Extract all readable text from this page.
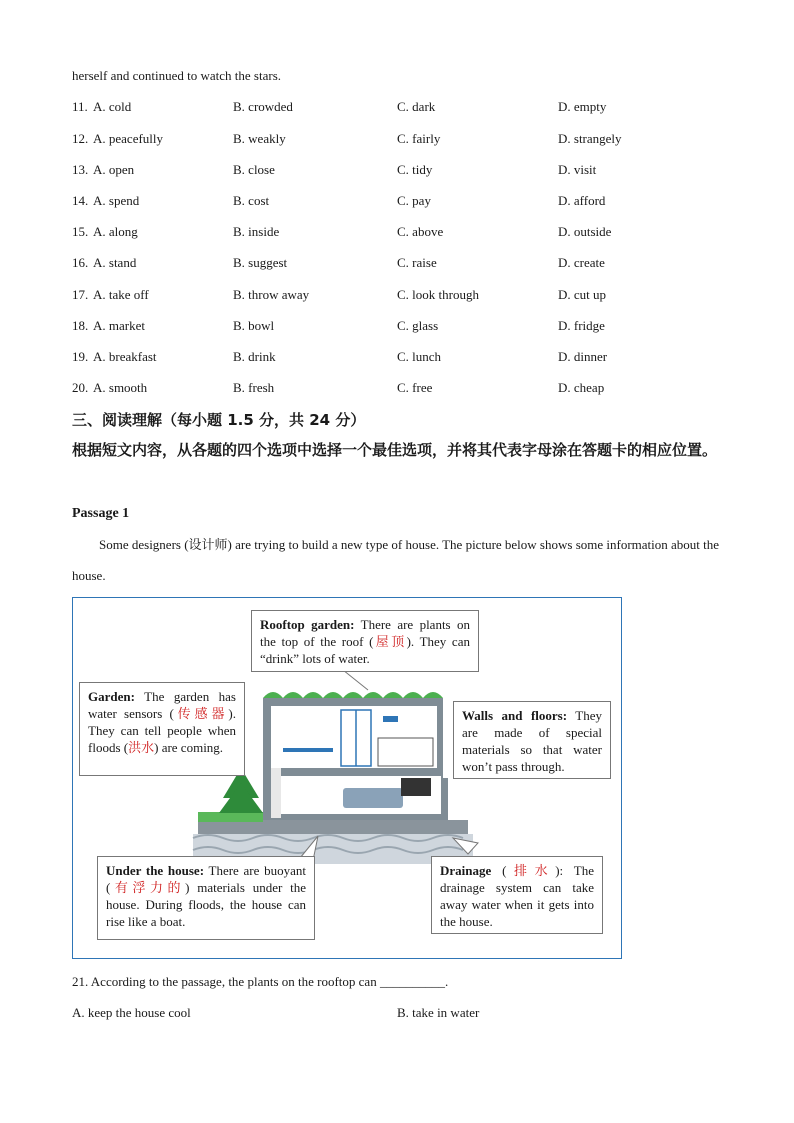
herself and continued to watch the stars.
11. A. cold	B. crowded	C. dark	D. empty
12. A. peacefully	B. weakly	C. fairly	D. strangely
13. A. open	B. close	C. tidy	D. visit
14. A. spend	B. cost	C. pay	D. afford
15. A. along	B. inside	C. above	D. outside
16. A. stand	B. suggest	C. raise	D. create
17. A. take off	B. throw away	C. look through	D. cut up
18. A. market	B. bowl	C. glass	D. fridge
19. A. breakfast	B. drink	C. lunch	D. dinner
20. A. smooth	B. fresh	C. free	D. cheap
三、阅读理解（每小题 1.5 分，共 24 分）
根据短文内容，从各题的四个选项中选择一个最佳选项，并将其代表字母涂在答题卡的相应位置。
Passage 1
Some designers (设计师) are trying to build a new type of house. The picture below shows some information about the house.
Rooftop garden: There are plants on the top of the roof (屋顶). They can “drink” lots of water.
Garden: The garden has water sensors (传感器). They can tell people when floods (洪水) are coming.
Walls and floors: They are made of special materials so that water won’t pass through.
Under the house: There are buoyant (有浮力的) materials under the house. During floods, the house can rise like a boat.
Drainage (排水): The drainage system can take away water when it gets into the house.
21. According to the passage, the plants on the rooftop can __________.
A. keep the house cool	B. take in water
